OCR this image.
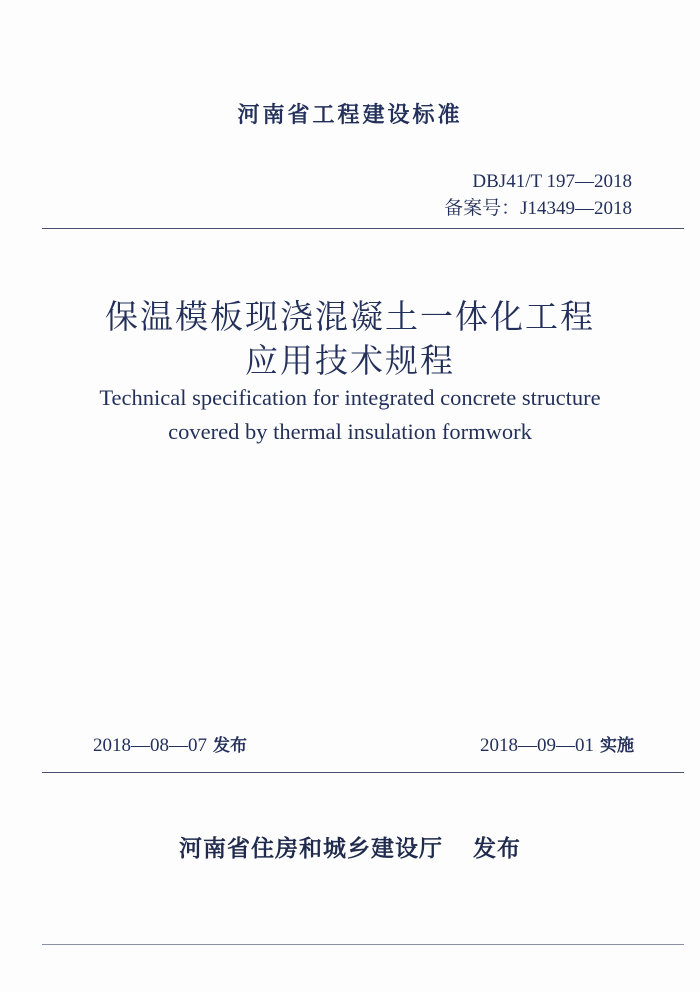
河南省工程建设标准
DBJ41/T 197—2018
备案号：J14349—2018
保温模板现浇混凝土一体化工程
应用技术规程
Technical specification for integrated concrete structure
covered by thermal insulation formwork
2018—08—07 发布	2018—09—01 实施
河南省住房和城乡建设厅 发布
